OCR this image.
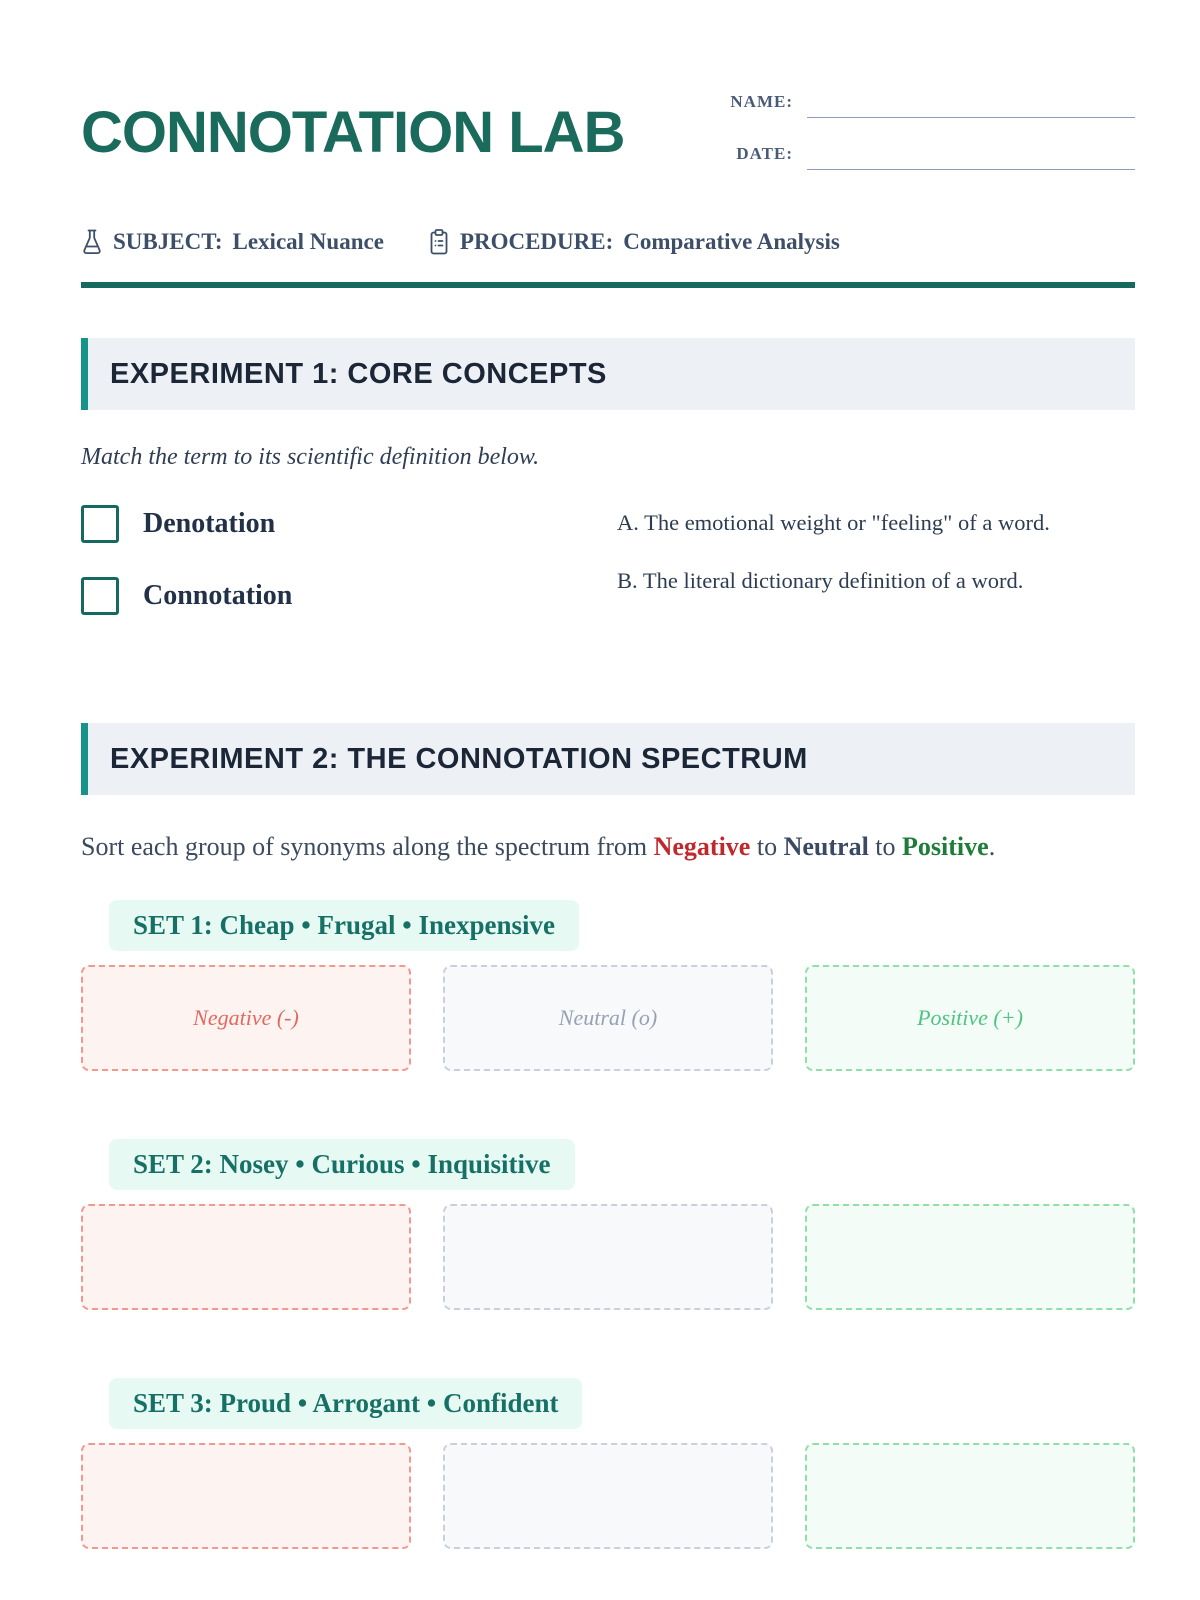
CONNOTATION LAB	NAME:
DATE:
SUBJECT: Lexical Nuance	PROCEDURE: Comparative Analysis
EXPERIMENT 1: CORE CONCEPTS

Match the term to its scientific definition below.

Denotation
Connotation

A. The emotional weight or "feeling" of a word.

B. The literal dictionary definition of a word.

EXPERIMENT 2: THE CONNOTATION SPECTRUM

Sort each group of synonyms along the spectrum from Negative to Neutral to Positive.

SET 1: Cheap • Frugal • Inexpensive
Negative (-)	Neutral (o)	Positive (+)
SET 2: Nosey • Curious • Inquisitive
SET 3: Proud • Arrogant • Confident
